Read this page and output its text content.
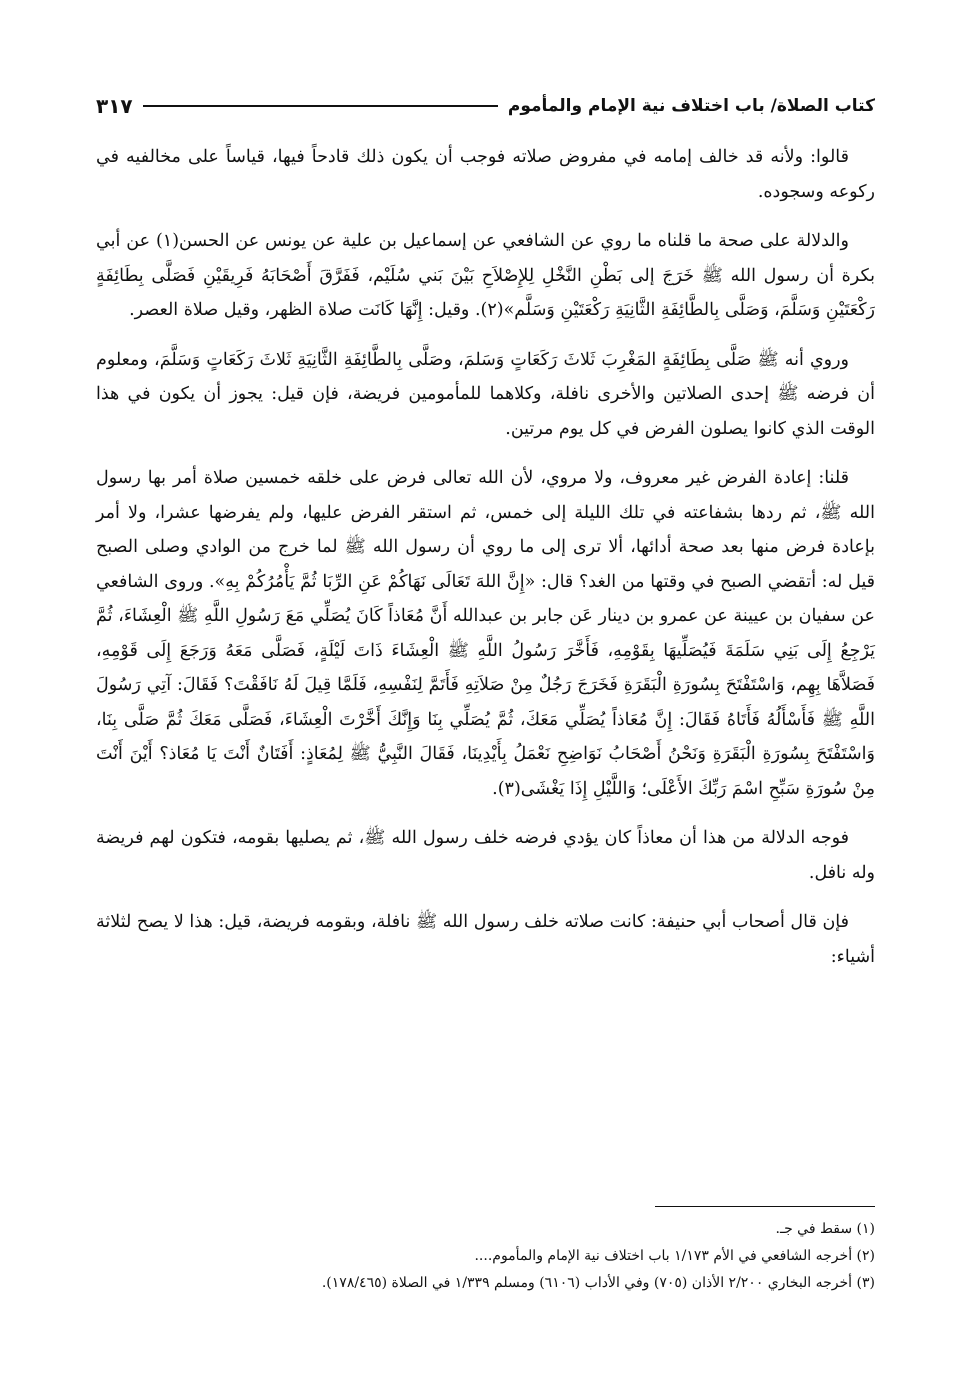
كتاب الصلاة/ باب اختلاف نية الإمام والمأموم
٣١٧

قالوا: ولأنه قد خالف إمامه في مفروض صلاته فوجب أن يكون ذلك قادحاً فيها، قياساً على مخالفيه في ركوعه وسجوده.

والدلالة على صحة ما قلناه ما روي عن الشافعي عن إسماعيل بن علية عن يونس عن الحسن(١) عن أبي بكرة أن رسول الله ﷺ خَرَجَ إلى بَطْنِ النَّخْلِ لِلإِصْلاَحِ بَيْنَ بَني سُلَيْم، فَفَرَّقَ أَصْحَابَهُ فَرِيقَيْنِ فَصَلَّى بِطَائِفَةٍ رَكْعَتَيْنِ وَسَلَّمَ، وَصَلَّى بِالطَّائِفَةِ الثَّانِيَةِ رَكْعَتَيْنِ وَسَلَّم»(٢). وقيل: إِنَّهَا كَانَت صلاة الظهر، وقيل صلاة العصر.

وروي أنه ﷺ صَلَّى بِطَائِفَةٍ المَغْرِبَ ثَلاثَ رَكَعَاتٍ وَسَلمَ، وصَلَّى بِالطَّائِفَةِ الثَّانِيَةِ ثَلاثَ رَكَعَاتٍ وَسَلَّمَ، ومعلوم أن فرضه ﷺ إحدى الصلاتين والأخرى نافلة، وكلاهما للمأمومين فريضة، فإن قيل: يجوز أن يكون في هذا الوقت الذي كانوا يصلون الفرض في كل يوم مرتين.

قلنا: إعادة الفرض غير معروف، ولا مروي، لأن الله تعالى فرض على خلقه خمسين صلاة أمر بها رسول الله ﷺ، ثم ردها بشفاعته في تلك الليلة إلى خمس، ثم استقر الفرض عليها، ولم يفرضها عشرا، ولا أمر بإعادة فرض منها بعد صحة أدائها، ألا ترى إلى ما روي أن رسول الله ﷺ لما خرج من الوادي وصلى الصبح قيل له: أتقضي الصبح في وقتها من الغد؟ قال: «إِنَّ اللهَ تَعَالَى نَهَاكُمْ عَنِ الرِّبَا ثُمَّ يَأْمُرُكُمْ بِهِ». وروى الشافعي عن سفيان بن عيينة عن عمرو بن دينار عَن جابر بن عبدالله أَنَّ مُعَاذاً كَانَ يُصَلِّي مَعَ رَسُولِ اللَّهِ ﷺ الْعِشَاءَ، ثُمَّ يَرْجِعُ إِلَى بَنِي سَلَمَةَ فَيُصَلِّيهَا بِقَوْمِهِ، فَأَخَّرَ رَسُولُ اللَّهِ ﷺ الْعِشَاءَ ذَاتَ لَيْلَةٍ، فَصَلَّى مَعَهُ وَرَجَعَ إِلَى قَوْمِهِ، فَصَلاَّهَا بِهِم، وَاسْتَفْتَحَ بِسُورَةِ الْبَقَرَةِ فَخَرَجَ رَجُلٌ مِنْ صَلاَتِهِ فَأَتَمَّ لِنَفْسِهِ، فَلَمَّا قِيلَ لَهُ نَافَقْتَ؟ فَقَالَ: آتِي رَسُولَ اللَّهِ ﷺ فَأَسْأَلُهُ فَأَتَاهُ فَقَالَ: إِنَّ مُعَاذاً يُصَلِّي مَعَكَ، ثُمَّ يُصَلِّي بِنَا وَإِنَّكَ أَخَّرْتَ الْعِشَاءَ، فَصَلَّى مَعَكَ ثُمَّ صَلَّى بِنَا، وَاسْتَفْتَحَ بِسُورَةِ الْبَقَرَةِ وَنَحْنُ أَصْحَابُ نَوَاضِحِ نَعْمَلُ بِأَيْدِينَا، فَقَالَ النَّبِيُّ ﷺ لِمُعَاذٍ: أَفَتَانٌ أَنْتَ يَا مُعَاذ؟ أَيْنَ أَنْتَ مِنْ سُورَةِ سَبِّحِ اسْمَ رَبِّكَ الأَعْلَى؛ وَاللَّيْلِ إِذَا يَغْشَى(٣).

فوجه الدلالة من هذا أن معاذاً كان يؤدي فرضه خلف رسول الله ﷺ، ثم يصليها بقومه، فتكون لهم فريضة وله نافل.

فإن قال أصحاب أبي حنيفة: كانت صلاته خلف رسول الله ﷺ نافلة، وبقومه فريضة، قيل: هذا لا يصح لثلاثة أشياء:

(١) سقط في جـ.
(٢) أخرجه الشافعي في الأم ١/١٧٣ باب اختلاف نية الإمام والمأموم....
(٣) أخرجه البخاري ٢/٢٠٠ الأذان (٧٠٥) وفي الأداب (٦١٠٦) ومسلم ١/٣٣٩ في الصلاة (١٧٨/٤٦٥).
